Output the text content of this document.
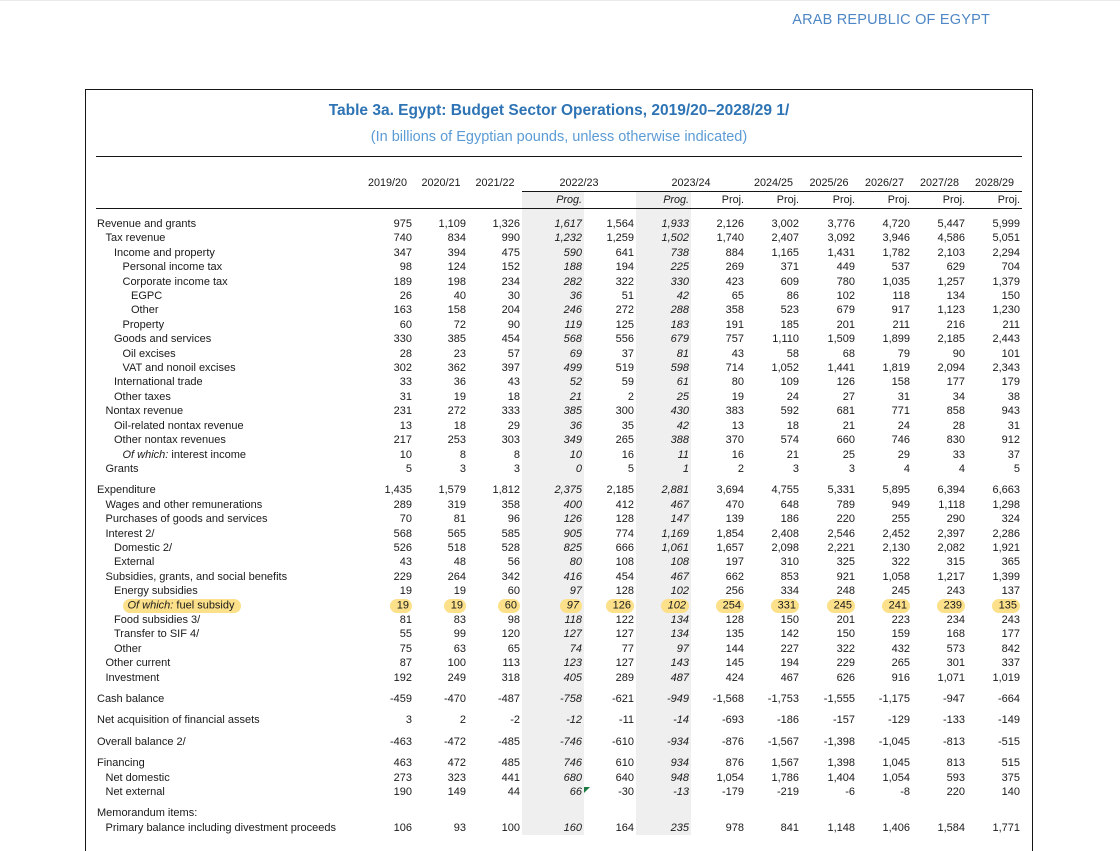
ARAB REPUBLIC OF EGYPT
Table 3a. Egypt: Budget Sector Operations, 2019/20–2028/29 1/
(In billions of Egyptian pounds, unless otherwise indicated)
	2019/20	2020/21	2021/22	2022/23		2023/24		2024/25	2025/26	2026/27	2027/28	2028/29
				Prog.		Prog.	Proj.	Proj.	Proj.	Proj.	Proj.	Proj.

Revenue and grants	975	1,109	1,326	1,617	1,564	1,933	2,126	3,002	3,776	4,720	5,447	5,999
Tax revenue	740	834	990	1,232	1,259	1,502	1,740	2,407	3,092	3,946	4,586	5,051
Income and property	347	394	475	590	641	738	884	1,165	1,431	1,782	2,103	2,294
Personal income tax	98	124	152	188	194	225	269	371	449	537	629	704
Corporate income tax	189	198	234	282	322	330	423	609	780	1,035	1,257	1,379
EGPC	26	40	30	36	51	42	65	86	102	118	134	150
Other	163	158	204	246	272	288	358	523	679	917	1,123	1,230
Property	60	72	90	119	125	183	191	185	201	211	216	211
Goods and services	330	385	454	568	556	679	757	1,110	1,509	1,899	2,185	2,443
Oil excises	28	23	57	69	37	81	43	58	68	79	90	101
VAT and nonoil excises	302	362	397	499	519	598	714	1,052	1,441	1,819	2,094	2,343
International trade	33	36	43	52	59	61	80	109	126	158	177	179
Other taxes	31	19	18	21	2	25	19	24	27	31	34	38
Nontax revenue	231	272	333	385	300	430	383	592	681	771	858	943
Oil-related nontax revenue	13	18	29	36	35	42	13	18	21	24	28	31
Other nontax revenues	217	253	303	349	265	388	370	574	660	746	830	912
Of which: interest income	10	8	8	10	16	11	16	21	25	29	33	37
Grants	5	3	3	0	5	1	2	3	3	4	4	5

Expenditure	1,435	1,579	1,812	2,375	2,185	2,881	3,694	4,755	5,331	5,895	6,394	6,663
Wages and other remunerations	289	319	358	400	412	467	470	648	789	949	1,118	1,298
Purchases of goods and services	70	81	96	126	128	147	139	186	220	255	290	324
Interest 2/	568	565	585	905	774	1,169	1,854	2,408	2,546	2,452	2,397	2,286
Domestic 2/	526	518	528	825	666	1,061	1,657	2,098	2,221	2,130	2,082	1,921
External	43	48	56	80	108	108	197	310	325	322	315	365
Subsidies, grants, and social benefits	229	264	342	416	454	467	662	853	921	1,058	1,217	1,399
Energy subsidies	19	19	60	97	128	102	256	334	248	245	243	137
Of which: fuel subsidy	19	19	60	97	126	102	254	331	245	241	239	135
Food subsidies 3/	81	83	98	118	122	134	128	150	201	223	234	243
Transfer to SIF 4/	55	99	120	127	127	134	135	142	150	159	168	177
Other	75	63	65	74	77	97	144	227	322	432	573	842
Other current	87	100	113	123	127	143	145	194	229	265	301	337
Investment	192	249	318	405	289	487	424	467	626	916	1,071	1,019

Cash balance	-459	-470	-487	-758	-621	-949	-1,568	-1,753	-1,555	-1,175	-947	-664

Net acquisition of financial assets	3	2	-2	-12	-11	-14	-693	-186	-157	-129	-133	-149

Overall balance 2/	-463	-472	-485	-746	-610	-934	-876	-1,567	-1,398	-1,045	-813	-515

Financing	463	472	485	746	610	934	876	1,567	1,398	1,045	813	515
Net domestic	273	323	441	680	640	948	1,054	1,786	1,404	1,054	593	375
Net external	190	149	44	66	-30	-13	-179	-219	-6	-8	220	140

Memorandum items:												
Primary balance including divestment proceeds	106	93	100	160	164	235	978	841	1,148	1,406	1,584	1,771
